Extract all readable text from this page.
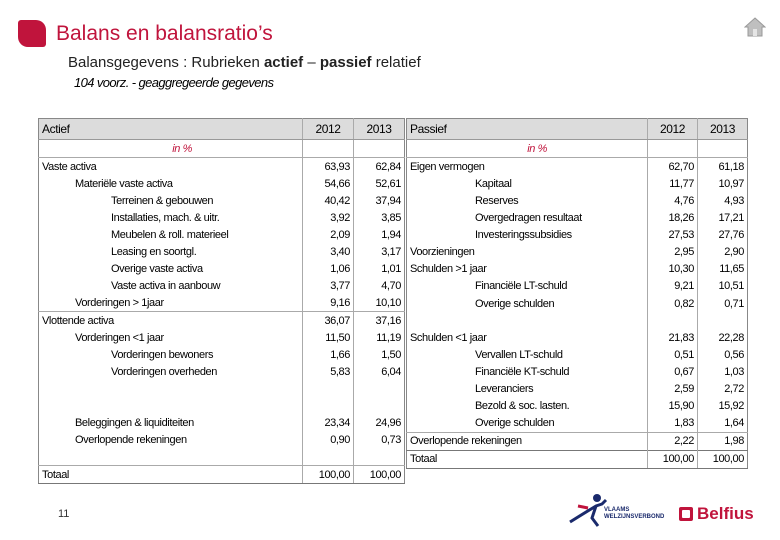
Balans en balansratio’s
Balansgegevens : Rubrieken actief – passief relatief
104 voorz. - geaggregeerde gegevens
Actief	2012	2013
in %		
Vaste activa	63,93	62,84
Materiële vaste activa	54,66	52,61
Terreinen & gebouwen	40,42	37,94
Installaties, mach. & uitr.	3,92	3,85
Meubelen & roll. materieel	2,09	1,94
Leasing en soortgl.	3,40	3,17
Overige vaste activa	1,06	1,01
Vaste activa in aanbouw	3,77	4,70
Vorderingen > 1jaar	9,16	10,10
Vlottende activa	36,07	37,16
Vorderingen <1 jaar	11,50	11,19
Vorderingen bewoners	1,66	1,50
Vorderingen overheden	5,83	6,04

Beleggingen & liquiditeiten	23,34	24,96
Overlopende rekeningen	0,90	0,73

Totaal	100,00	100,00
Passief	2012	2013
in %		
Eigen vermogen	62,70	61,18
Kapitaal	11,77	10,97
Reserves	4,76	4,93
Overgedragen resultaat	18,26	17,21
Investeringssubsidies	27,53	27,76
Voorzieningen	2,95	2,90
Schulden >1 jaar	10,30	11,65
Financiële LT-schuld	9,21	10,51
Overige schulden	0,82	0,71

Schulden <1 jaar	21,83	22,28
Vervallen LT-schuld	0,51	0,56
Financiële KT-schuld	0,67	1,03
Leveranciers	2,59	2,72
Bezold & soc. lasten.	15,90	15,92
Overige schulden	1,83	1,64
Overlopende rekeningen	2,22	1,98
Totaal	100,00	100,00
11	VLAAMS
WELZIJNSVERBOND Belfius
